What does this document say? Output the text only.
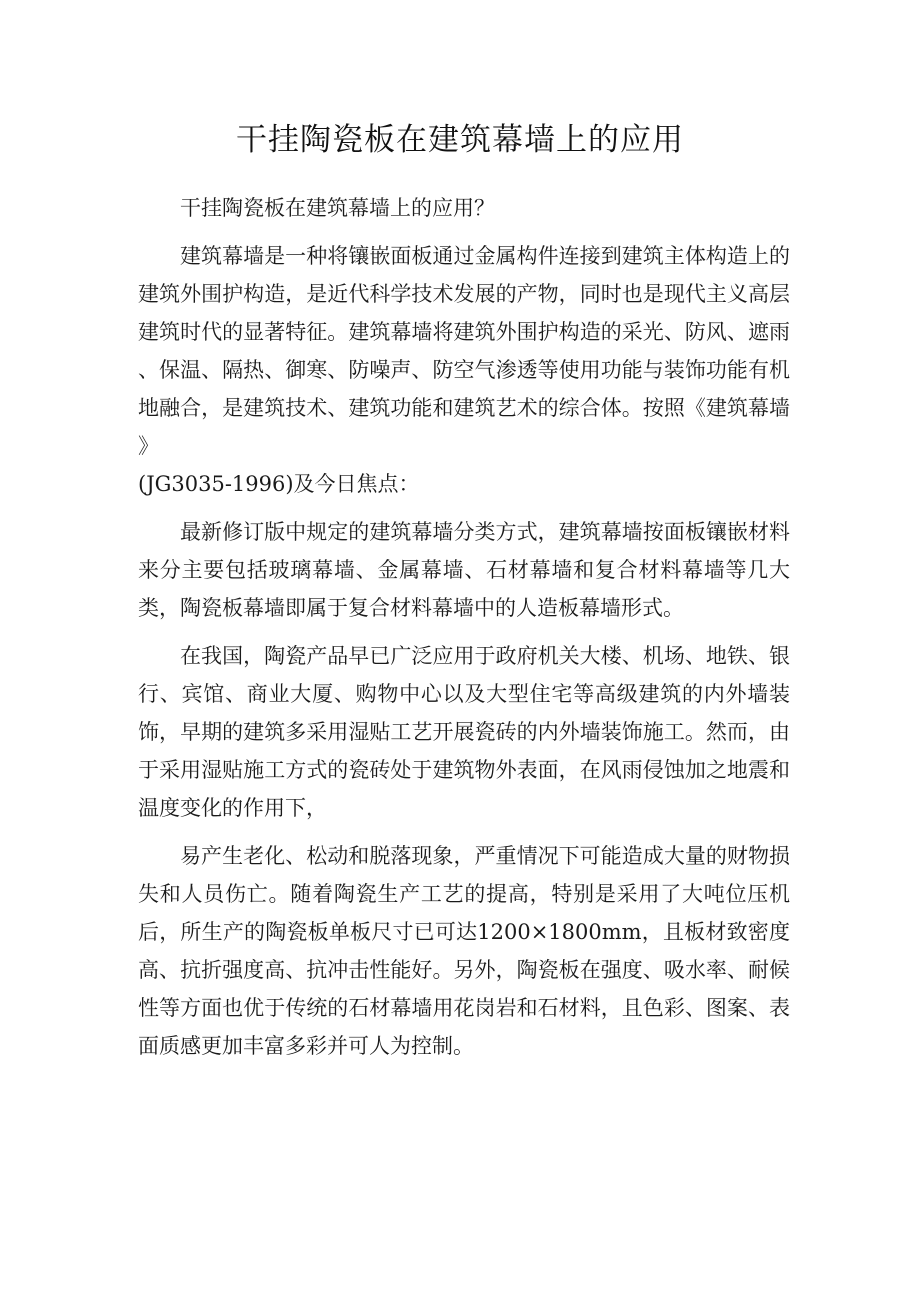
干挂陶瓷板在建筑幕墙上的应用

干挂陶瓷板在建筑幕墙上的应用？

建筑幕墙是一种将镶嵌面板通过金属构件连接到建筑主体构造上的建筑外围护构造，是近代科学技术发展的产物，同时也是现代主义高层建筑时代的显著特征。建筑幕墙将建筑外围护构造的采光、防风、遮雨、保温、隔热、御寒、防噪声、防空气渗透等使用功能与装饰功能有机地融合，是建筑技术、建筑功能和建筑艺术的综合体。按照《建筑幕墙》

(JG3035-1996)及今日焦点：

最新修订版中规定的建筑幕墙分类方式，建筑幕墙按面板镶嵌材料来分主要包括玻璃幕墙、金属幕墙、石材幕墙和复合材料幕墙等几大类，陶瓷板幕墙即属于复合材料幕墙中的人造板幕墙形式。

在我国，陶瓷产品早已广泛应用于政府机关大楼、机场、地铁、银行、宾馆、商业大厦、购物中心以及大型住宅等高级建筑的内外墙装饰，早期的建筑多采用湿贴工艺开展瓷砖的内外墙装饰施工。然而，由于采用湿贴施工方式的瓷砖处于建筑物外表面，在风雨侵蚀加之地震和温度变化的作用下，

易产生老化、松动和脱落现象，严重情况下可能造成大量的财物损失和人员伤亡。随着陶瓷生产工艺的提高，特别是采用了大吨位压机后，所生产的陶瓷板单板尺寸已可达1200×1800mm，且板材致密度高、抗折强度高、抗冲击性能好。另外，陶瓷板在强度、吸水率、耐候性等方面也优于传统的石材幕墙用花岗岩和石材料，且色彩、图案、表面质感更加丰富多彩并可人为控制。
